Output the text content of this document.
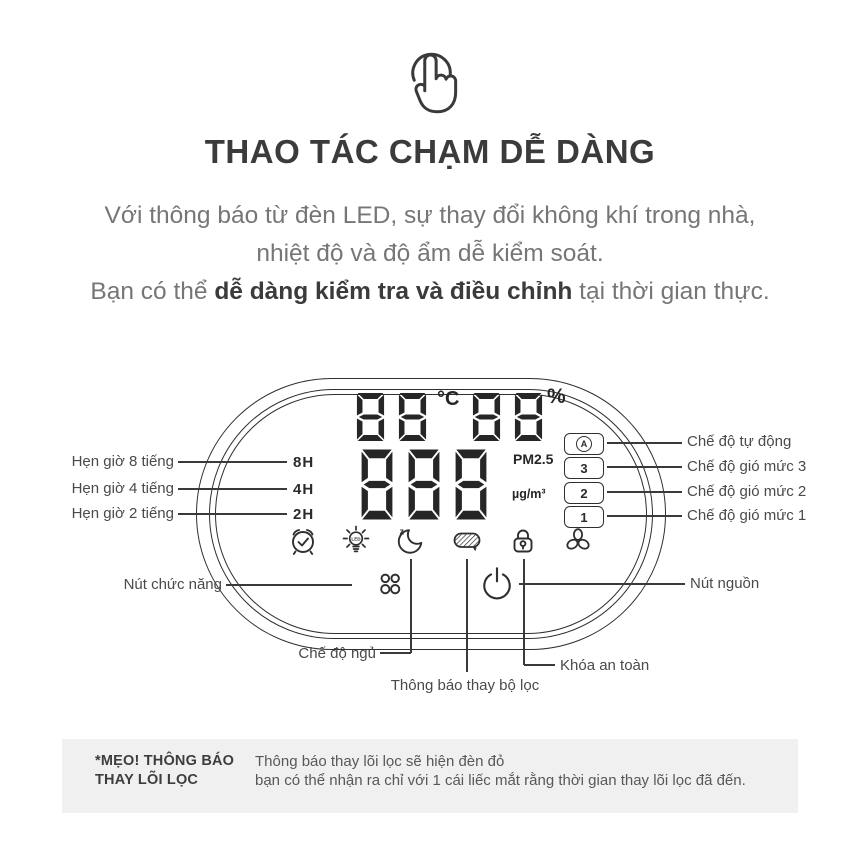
THAO TÁC CHẠM DỄ DÀNG
Với thông báo từ đèn LED, sự thay đổi không khí trong nhà,
nhiệt độ và độ ẩm dễ kiểm soát.
Bạn có thể dễ dàng kiểm tra và điều chỉnh tại thời gian thực.
°C	%
PM2.5
µg/m³
8H
4H
2H
A
3
2
1
LED
z
Hẹn giờ 8 tiếng
Hẹn giờ 4 tiếng
Hẹn giờ 2 tiếng
Chế độ tự động
Chế độ gió mức 3
Chế độ gió mức 2
Chế độ gió mức 1
Nút chức năng	Nút nguồn
Chế độ ngủ
Thông báo thay bộ lọc
Khóa an toàn
*MẸO! THÔNG BÁO
THAY LÕI LỌC
Thông báo thay lõi lọc sẽ hiện đèn đỏ
bạn có thể nhận ra chỉ với 1 cái liếc mắt rằng thời gian thay lõi lọc đã đến.
